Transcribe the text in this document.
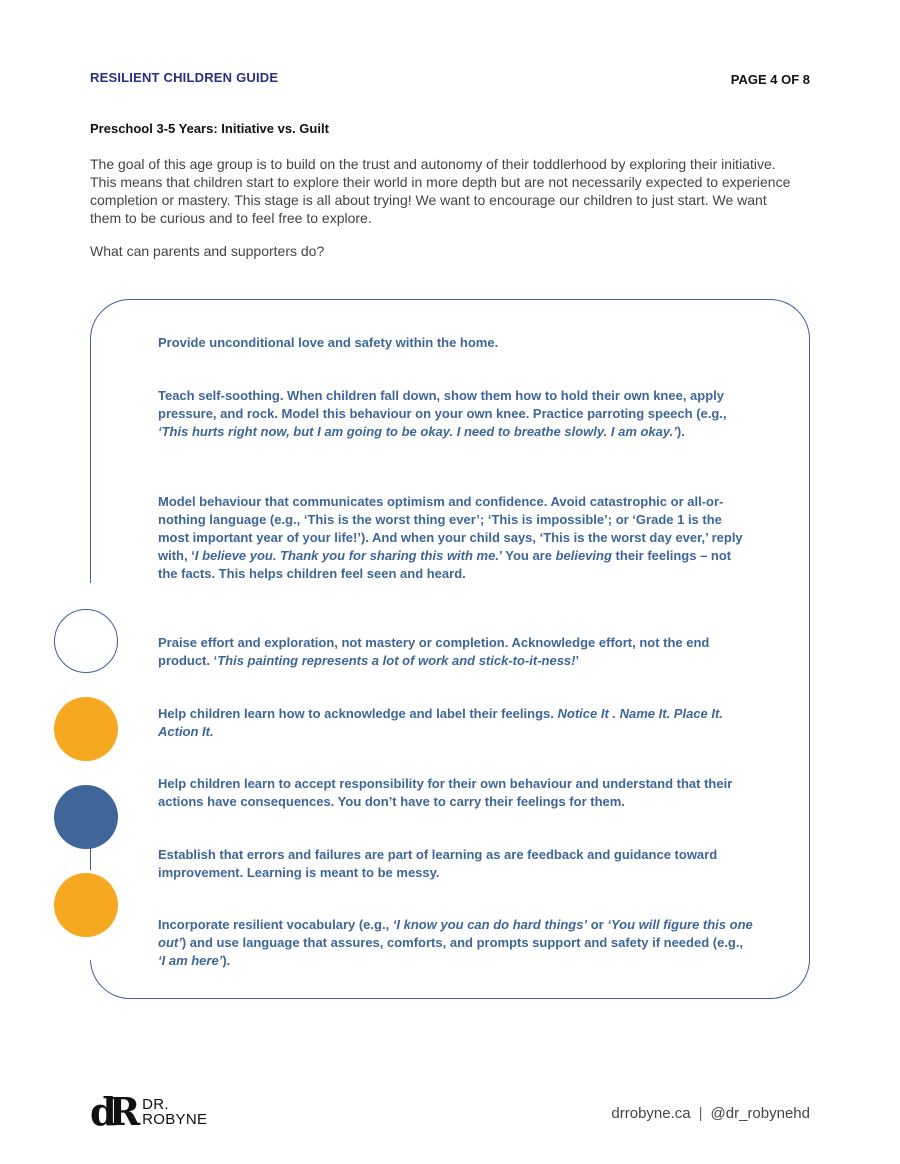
RESILIENT CHILDREN GUIDE	PAGE 4 OF 8
Preschool 3-5 Years: Initiative vs. Guilt

The goal of this age group is to build on the trust and autonomy of their toddlerhood by exploring their initiative. This means that children start to explore their world in more depth but are not necessarily expected to experience completion or mastery. This stage is all about trying! We want to encourage our children to just start. We want them to be curious and to feel free to explore.

What can parents and supporters do?

Provide unconditional love and safety within the home.

Teach self-soothing. When children fall down, show them how to hold their own knee, apply pressure, and rock. Model this behaviour on your own knee. Practice parroting speech (e.g., ‘This hurts right now, but I am going to be okay. I need to breathe slowly. I am okay.’).

Model behaviour that communicates optimism and confidence. Avoid catastrophic or all-or-nothing language (e.g., ‘This is the worst thing ever’; ‘This is impossible’; or ‘Grade 1 is the most important year of your life!’). And when your child says, ‘This is the worst day ever,’ reply with, ‘I believe you. Thank you for sharing this with me.’ You are believing their feelings – not the facts. This helps children feel seen and heard.

Praise effort and exploration, not mastery or completion. Acknowledge effort, not the end product. ‘This painting represents a lot of work and stick-to-it-ness!’

Help children learn how to acknowledge and label their feelings. Notice It . Name It. Place It. Action It.

Help children learn to accept responsibility for their own behaviour and understand that their actions have consequences. You don’t have to carry their feelings for them.

Establish that errors and failures are part of learning as are feedback and guidance toward improvement. Learning is meant to be messy.

Incorporate resilient vocabulary (e.g., ‘I know you can do hard things’ or ‘You will figure this one out’) and use language that assures, comforts, and prompts support and safety if needed (e.g., ‘I am here’).

dR DR.
ROBYNE	drrobyne.ca | @dr_robynehd
